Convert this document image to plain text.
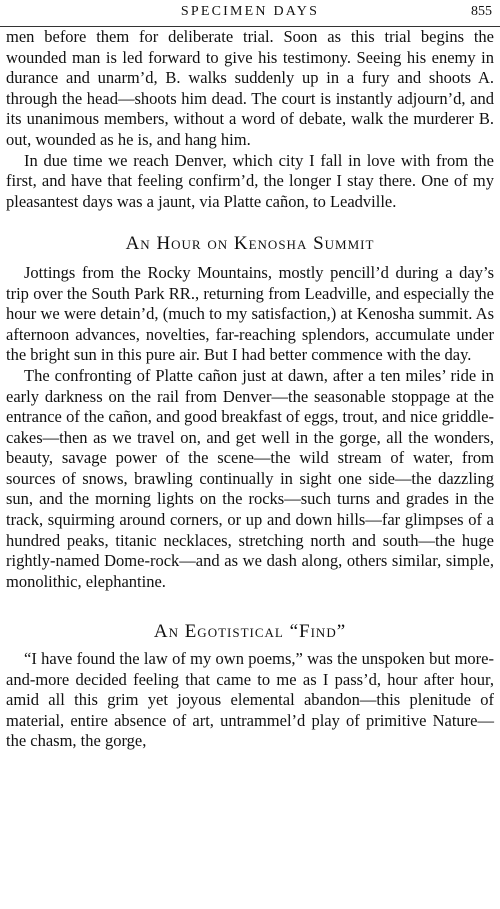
SPECIMEN DAYS	855

men before them for deliberate trial. Soon as this trial begins the wounded man is led forward to give his testimony. Seeing his enemy in durance and unarm’d, B. walks suddenly up in a fury and shoots A. through the head—shoots him dead. The court is instantly adjourn’d, and its unanimous members, without a word of debate, walk the murderer B. out, wounded as he is, and hang him.

In due time we reach Denver, which city I fall in love with from the first, and have that feeling confirm’d, the longer I stay there. One of my pleasantest days was a jaunt, via Platte cañon, to Leadville.

An Hour on Kenosha Summit

Jottings from the Rocky Mountains, mostly pencill’d during a day’s trip over the South Park RR., returning from Leadville, and especially the hour we were detain’d, (much to my satisfaction,) at Kenosha summit. As afternoon advances, novelties, far-reaching splendors, accumulate under the bright sun in this pure air. But I had better commence with the day.

The confronting of Platte cañon just at dawn, after a ten miles’ ride in early darkness on the rail from Denver—the seasonable stoppage at the entrance of the cañon, and good breakfast of eggs, trout, and nice griddle-cakes—then as we travel on, and get well in the gorge, all the wonders, beauty, savage power of the scene—the wild stream of water, from sources of snows, brawling continually in sight one side—the dazzling sun, and the morning lights on the rocks—such turns and grades in the track, squirming around corners, or up and down hills—far glimpses of a hundred peaks, titanic necklaces, stretching north and south—the huge rightly-named Dome-rock—and as we dash along, others similar, simple, monolithic, elephantine.

An Egotistical “Find”

“I have found the law of my own poems,” was the unspoken but more-and-more decided feeling that came to me as I pass’d, hour after hour, amid all this grim yet joyous elemental abandon—this plenitude of material, entire absence of art, untrammel’d play of primitive Nature—the chasm, the gorge,
